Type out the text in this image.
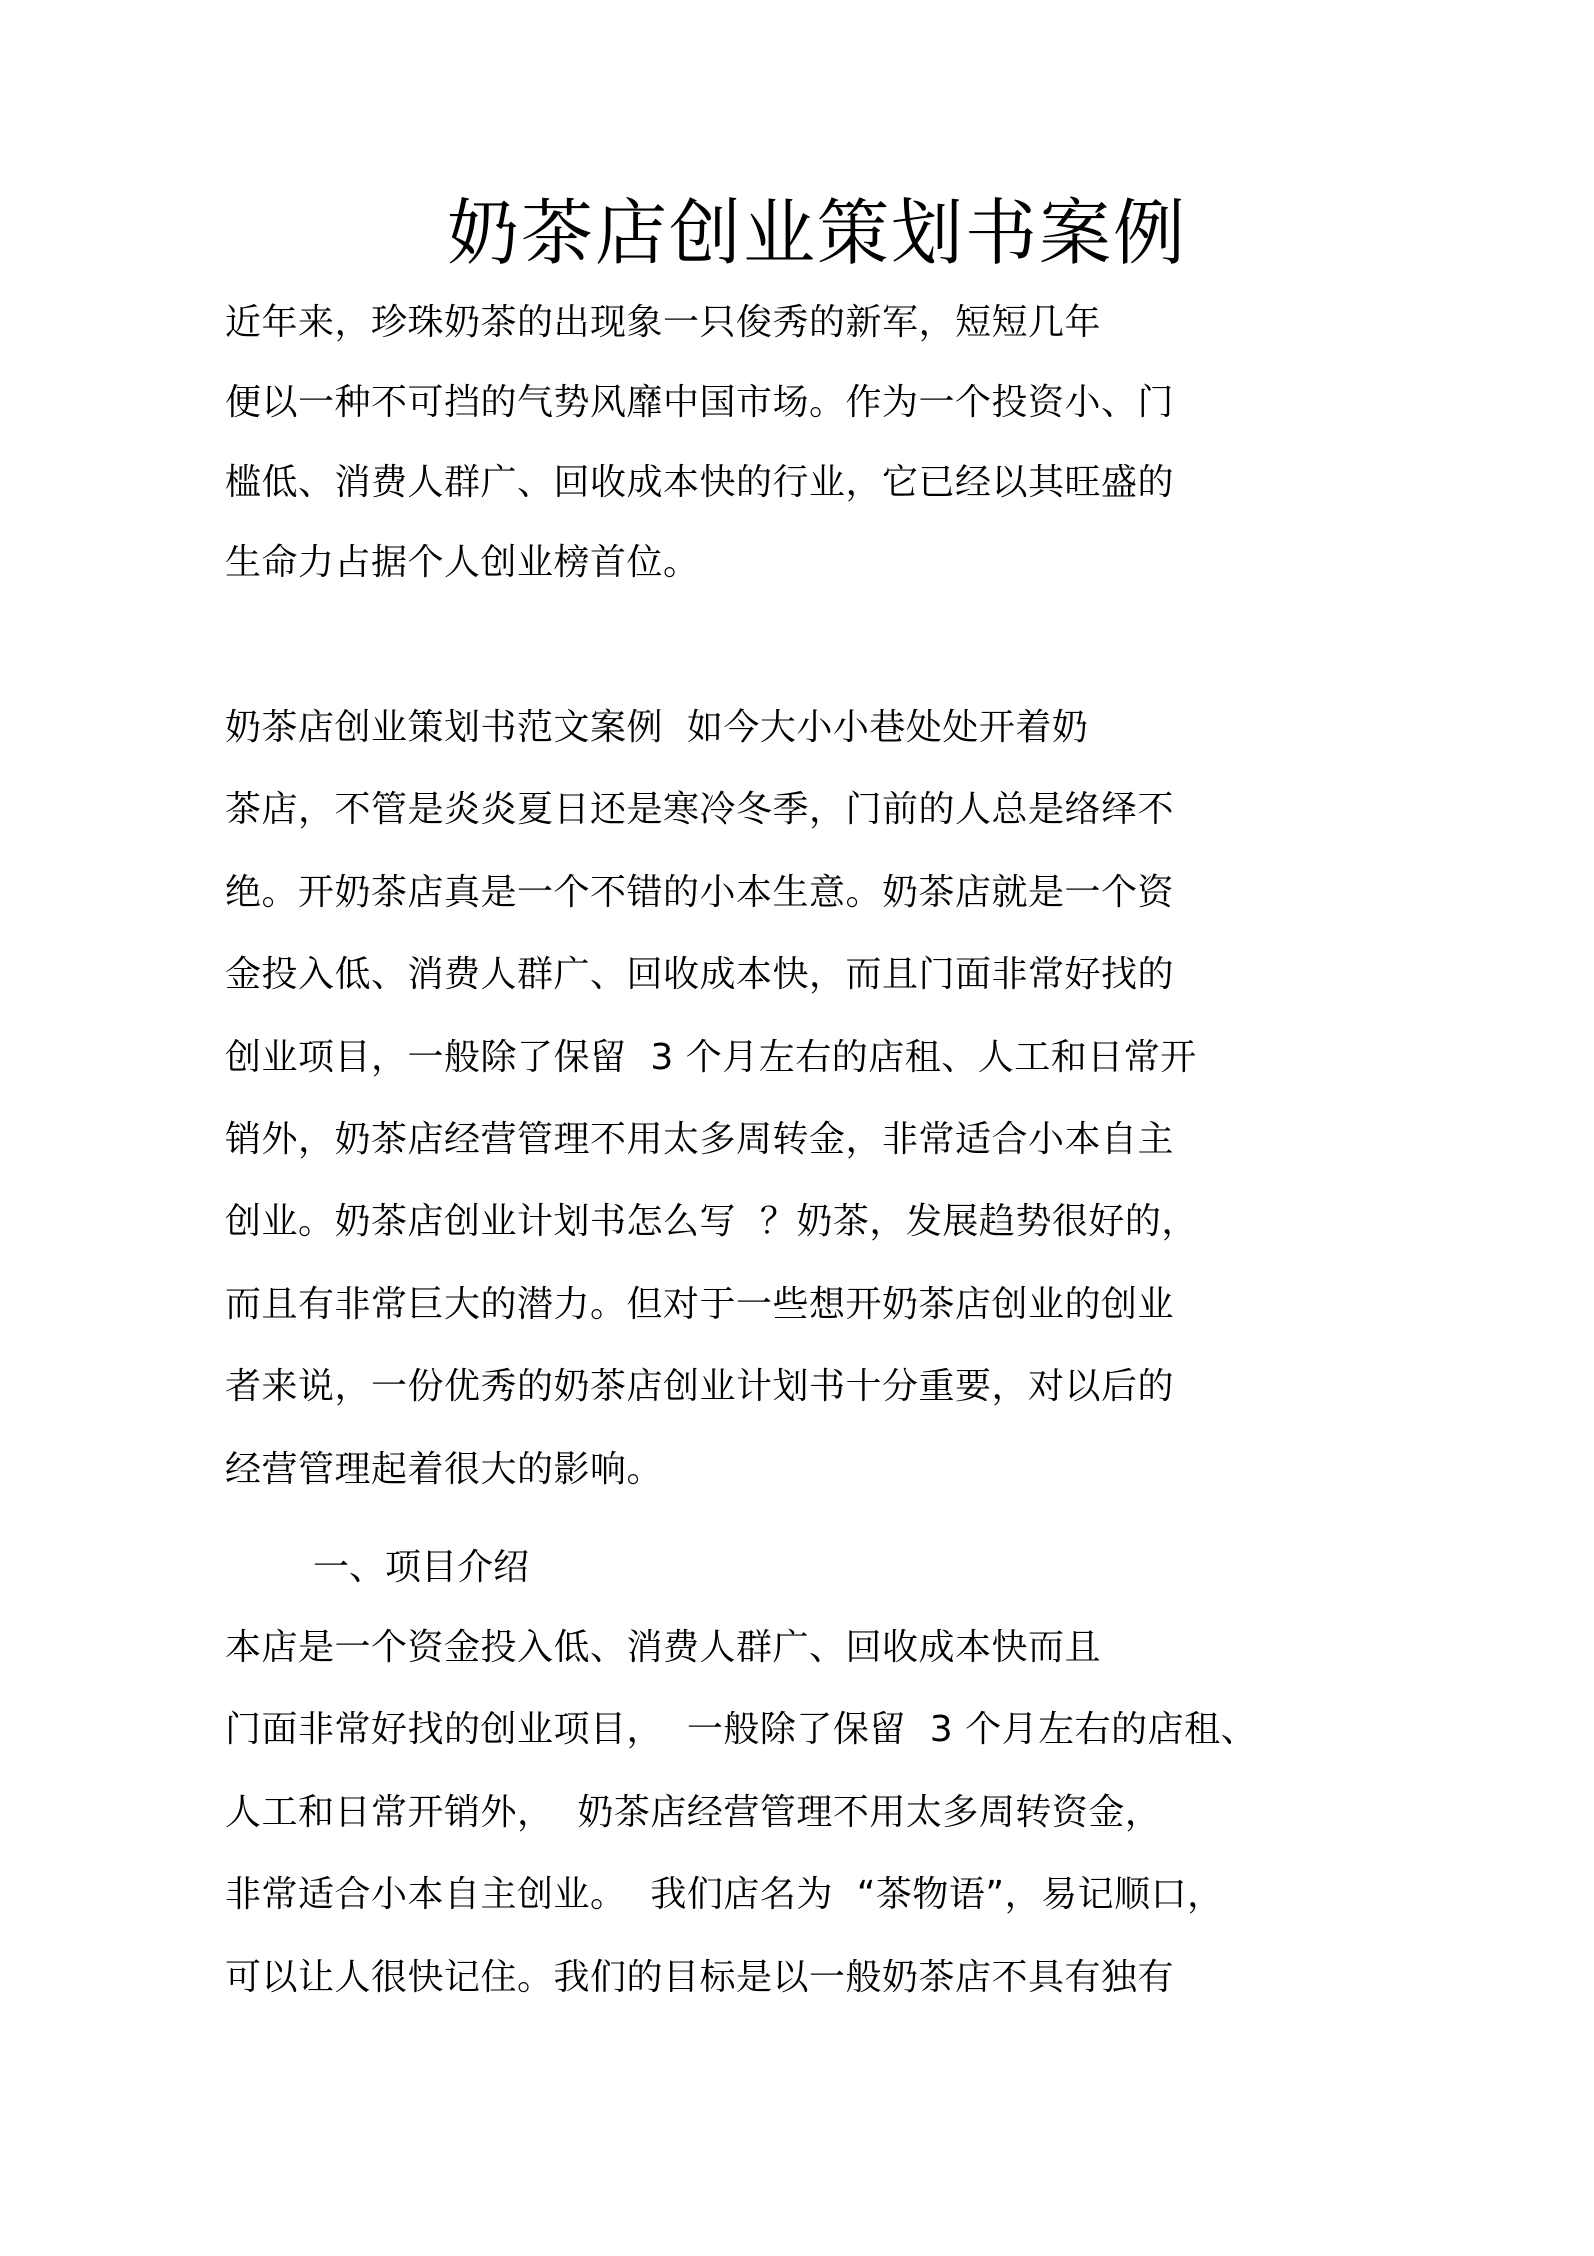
奶茶店创业策划书案例
近年来，珍珠奶茶的出现象一只俊秀的新军，短短几年
便以一种不可挡的气势风靡中国市场。作为一个投资小、门
槛低、消费人群广、回收成本快的行业，它已经以其旺盛的
生命力占据个人创业榜首位。
奶茶店创业策划书范文案例  如今大小小巷处处开着奶
茶店，不管是炎炎夏日还是寒冷冬季，门前的人总是络绎不
绝。开奶茶店真是一个不错的小本生意。奶茶店就是一个资
金投入低、消费人群广、回收成本快，而且门面非常好找的
创业项目，一般除了保留  3 个月左右的店租、人工和日常开
销外，奶茶店经营管理不用太多周转金，非常适合小本自主
创业。奶茶店创业计划书怎么写  ？奶茶，发展趋势很好的，
而且有非常巨大的潜力。但对于一些想开奶茶店创业的创业
者来说，一份优秀的奶茶店创业计划书十分重要，对以后的
经营管理起着很大的影响。
一、项目介绍
本店是一个资金投入低、消费人群广、回收成本快而且
门面非常好找的创业项目，  一般除了保留  3 个月左右的店租、
人工和日常开销外，  奶茶店经营管理不用太多周转资金，
非常适合小本自主创业。  我们店名为  “茶物语”，易记顺口，
可以让人很快记住。我们的目标是以一般奶茶店不具有独有
